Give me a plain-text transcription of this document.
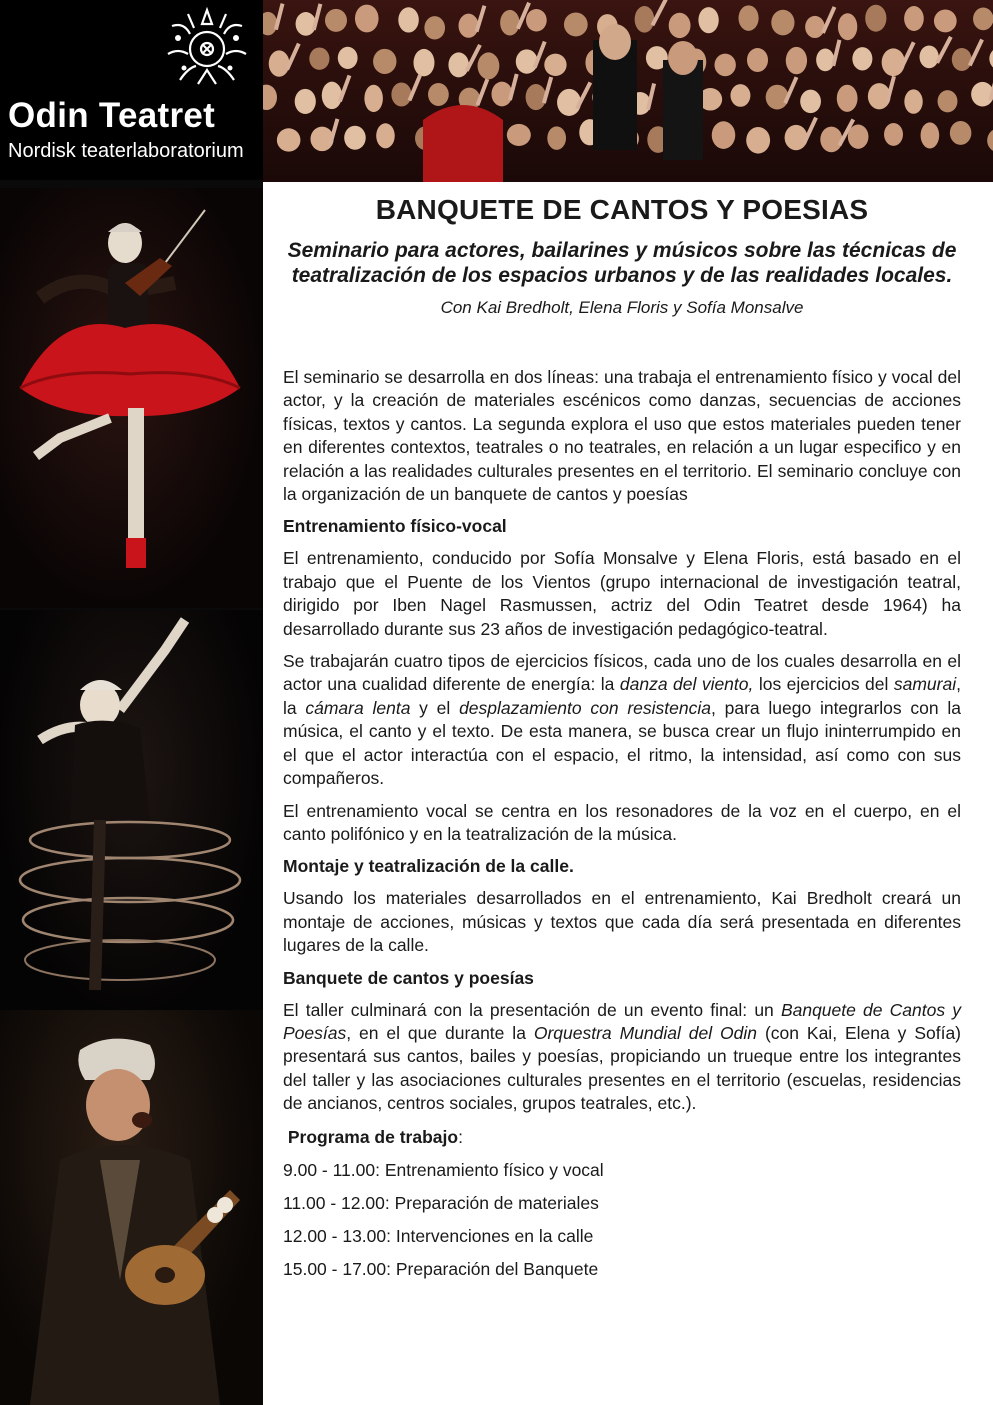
Odin Teatret
Nordisk teaterlaboratorium
BANQUETE DE CANTOS Y POESIAS

Seminario para actores, bailarines y músicos sobre las técnicas de teatralización de los espacios urbanos y de las realidades locales.

Con Kai Bredholt, Elena Floris y Sofía Monsalve

El seminario se desarrolla en dos líneas: una trabaja el entrenamiento físico y vocal del actor, y la creación de materiales escénicos como danzas, secuencias de acciones físicas, textos y cantos. La segunda explora el uso que estos materiales pueden tener en diferentes contextos, teatrales o no teatrales, en relación a un lugar especifico y en relación a las realidades culturales presentes en el territorio. El seminario concluye con la organización de un banquete de cantos y poesías

Entrenamiento físico-vocal

El entrenamiento, conducido por Sofía Monsalve y Elena Floris, está basado en el trabajo que el Puente de los Vientos (grupo internacional de investigación teatral, dirigido por Iben Nagel Rasmussen, actriz del Odin Teatret desde 1964) ha desarrollado durante sus 23 años de investigación pedagógico-teatral.

Se trabajarán cuatro tipos de ejercicios físicos, cada uno de los cuales desarrolla en el actor una cualidad diferente de energía: la danza del viento, los ejercicios del samurai, la cámara lenta y el desplazamiento con resistencia, para luego integrarlos con la música, el canto y el texto. De esta manera, se busca crear un flujo ininterrumpido en el que el actor interactúa con el espacio, el ritmo, la intensidad, así como con sus compañeros.

El entrenamiento vocal se centra en los resonadores de la voz en el cuerpo, en el canto polifónico y en la teatralización de la música.

Montaje y teatralización de la calle.

Usando los materiales desarrollados en el entrenamiento, Kai Bredholt creará un montaje de acciones, músicas y textos que cada día será presentada en diferentes lugares de la calle.

Banquete de cantos y poesías

El taller culminará con la presentación de un evento final: un Banquete de Cantos y Poesías, en el que durante la Orquestra Mundial del Odin (con Kai, Elena y Sofía) presentará sus cantos, bailes y poesías, propiciando un trueque entre los integrantes del taller y las asociaciones culturales presentes en el territorio (escuelas, residencias de ancianos, centros sociales, grupos teatrales, etc.).

Programa de trabajo:

9.00 - 11.00: Entrenamiento físico y vocal

11.00 - 12.00: Preparación de materiales

12.00 - 13.00: Intervenciones en la calle

15.00 - 17.00: Preparación del Banquete
